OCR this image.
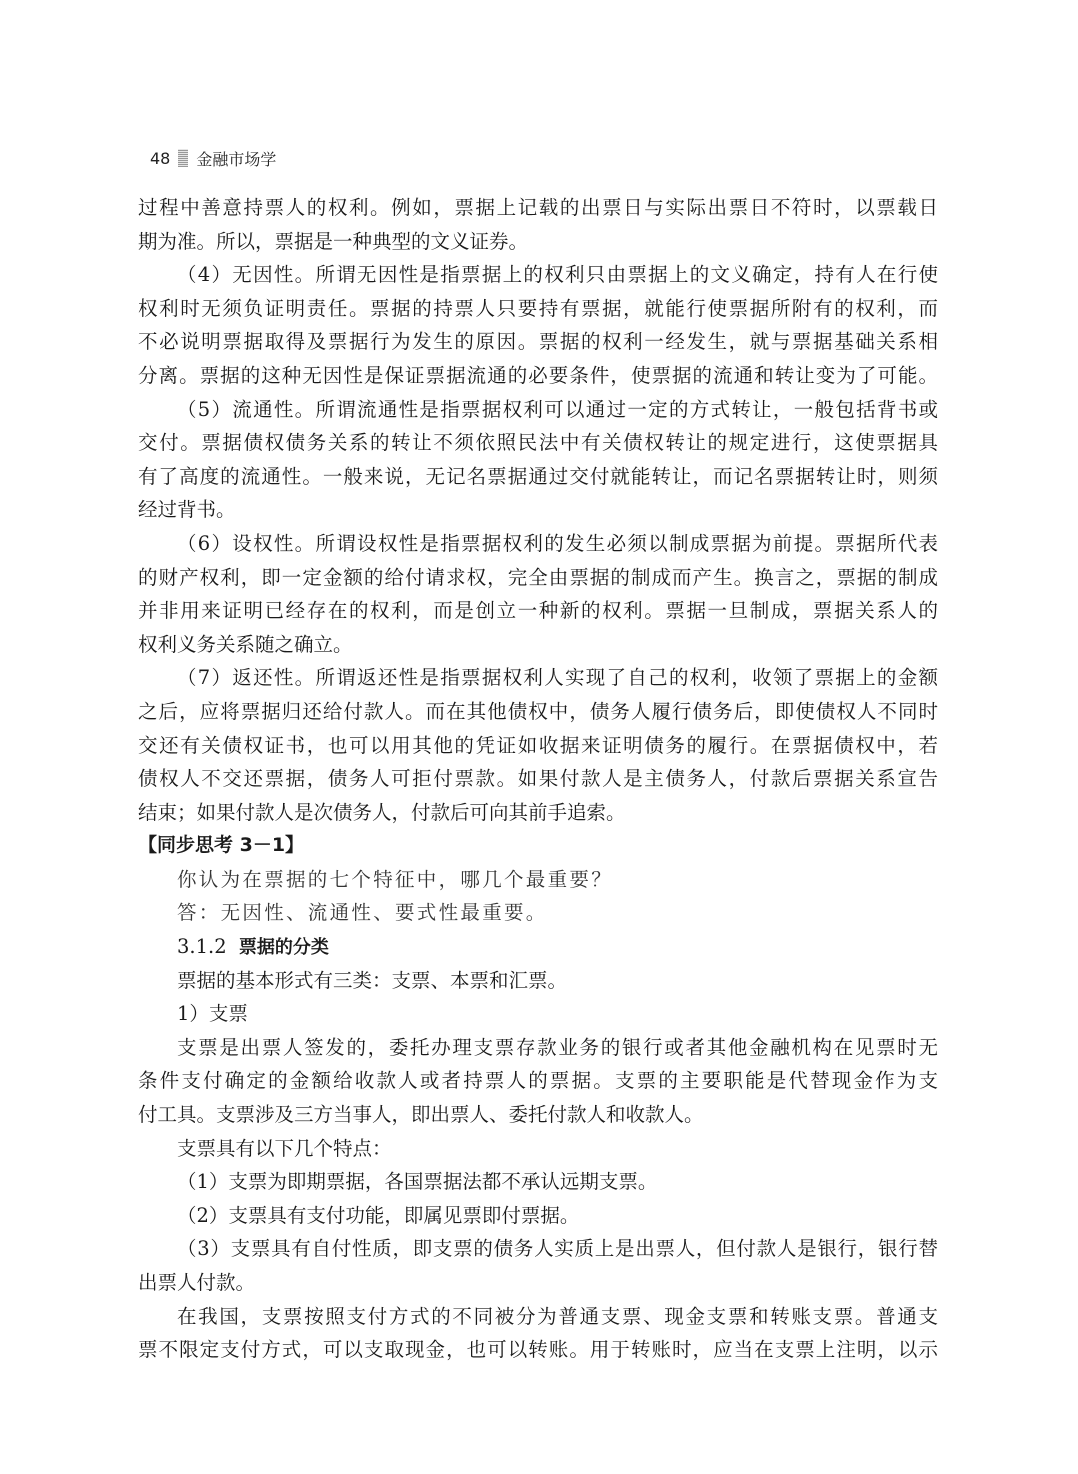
48 金融市场学
过程中善意持票人的权利。例如，票据上记载的出票日与实际出票日不符时，以票载日
期为准。所以，票据是一种典型的文义证券。
（4）无因性。所谓无因性是指票据上的权利只由票据上的文义确定，持有人在行使
权利时无须负证明责任。票据的持票人只要持有票据，就能行使票据所附有的权利，而
不必说明票据取得及票据行为发生的原因。票据的权利一经发生，就与票据基础关系相
分离。票据的这种无因性是保证票据流通的必要条件，使票据的流通和转让变为了可能。
（5）流通性。所谓流通性是指票据权利可以通过一定的方式转让，一般包括背书或
交付。票据债权债务关系的转让不须依照民法中有关债权转让的规定进行，这使票据具
有了高度的流通性。一般来说，无记名票据通过交付就能转让，而记名票据转让时，则须
经过背书。
（6）设权性。所谓设权性是指票据权利的发生必须以制成票据为前提。票据所代表
的财产权利，即一定金额的给付请求权，完全由票据的制成而产生。换言之，票据的制成
并非用来证明已经存在的权利，而是创立一种新的权利。票据一旦制成，票据关系人的
权利义务关系随之确立。
（7）返还性。所谓返还性是指票据权利人实现了自己的权利，收领了票据上的金额
之后，应将票据归还给付款人。而在其他债权中，债务人履行债务后，即使债权人不同时
交还有关债权证书，也可以用其他的凭证如收据来证明债务的履行。在票据债权中，若
债权人不交还票据，债务人可拒付票款。如果付款人是主债务人，付款后票据关系宣告
结束；如果付款人是次债务人，付款后可向其前手追索。
【同步思考 3－1】
你认为在票据的七个特征中，哪几个最重要？
答：无因性、流通性、要式性最重要。
3.1.2 票据的分类
票据的基本形式有三类：支票、本票和汇票。
1）支票
支票是出票人签发的，委托办理支票存款业务的银行或者其他金融机构在见票时无
条件支付确定的金额给收款人或者持票人的票据。支票的主要职能是代替现金作为支
付工具。支票涉及三方当事人，即出票人、委托付款人和收款人。
支票具有以下几个特点：
（1）支票为即期票据，各国票据法都不承认远期支票。
（2）支票具有支付功能，即属见票即付票据。
（3）支票具有自付性质，即支票的债务人实质上是出票人，但付款人是银行，银行替
出票人付款。
在我国，支票按照支付方式的不同被分为普通支票、现金支票和转账支票。普通支
票不限定支付方式，可以支取现金，也可以转账。用于转账时，应当在支票上注明，以示
